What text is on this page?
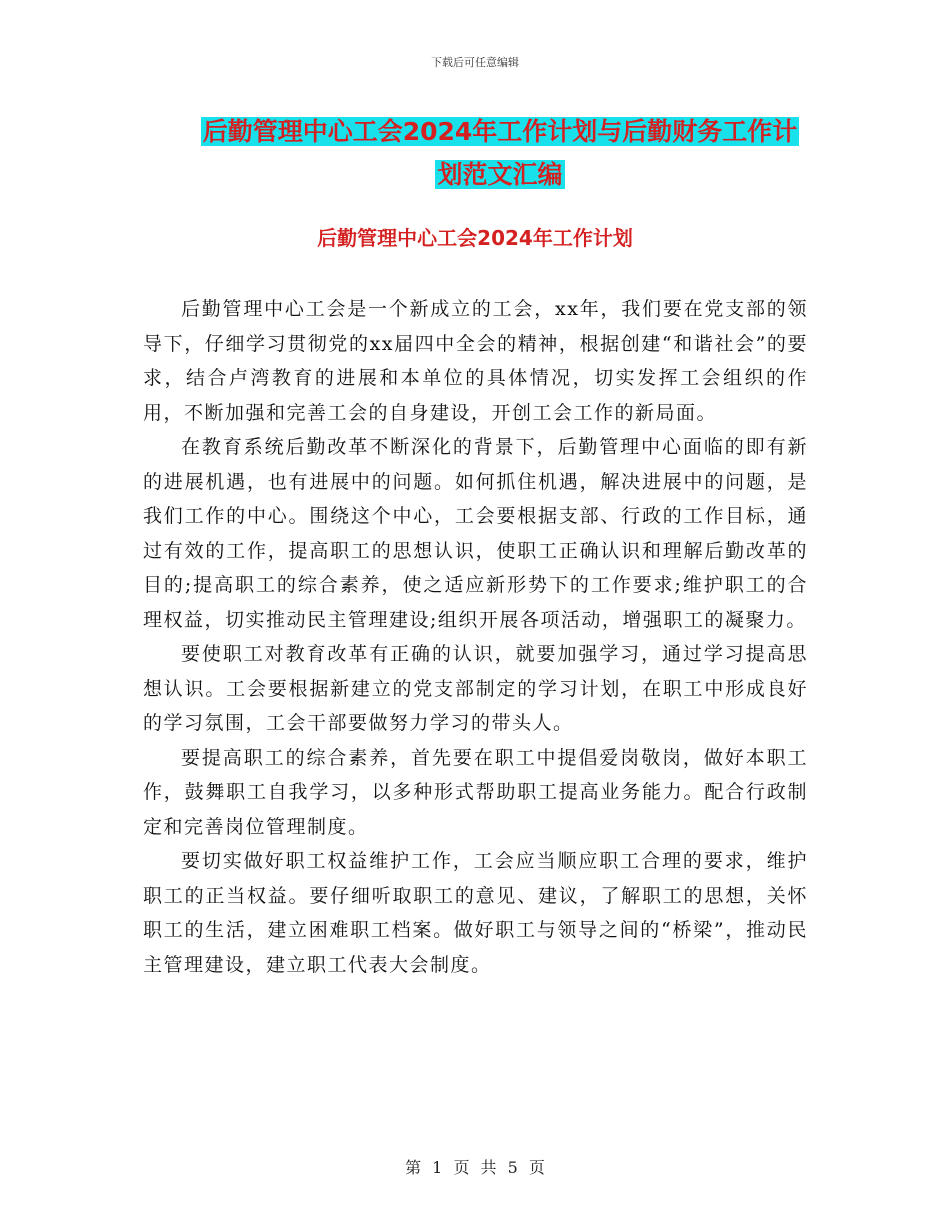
下载后可任意编辑
后勤管理中心工会2024年工作计划与后勤财务工作计
划范文汇编
后勤管理中心工会2024年工作计划

后勤管理中心工会是一个新成立的工会，xx年，我们要在党支部的领导下，仔细学习贯彻党的xx届四中全会的精神，根据创建“和谐社会”的要求，结合卢湾教育的进展和本单位的具体情况，切实发挥工会组织的作用，不断加强和完善工会的自身建设，开创工会工作的新局面。

在教育系统后勤改革不断深化的背景下，后勤管理中心面临的即有新的进展机遇，也有进展中的问题。如何抓住机遇，解决进展中的问题，是我们工作的中心。围绕这个中心，工会要根据支部、行政的工作目标，通过有效的工作，提高职工的思想认识，使职工正确认识和理解后勤改革的目的;提高职工的综合素养，使之适应新形势下的工作要求;维护职工的合理权益，切实推动民主管理建设;组织开展各项活动，增强职工的凝聚力。

要使职工对教育改革有正确的认识，就要加强学习，通过学习提高思想认识。工会要根据新建立的党支部制定的学习计划，在职工中形成良好的学习氛围，工会干部要做努力学习的带头人。

要提高职工的综合素养，首先要在职工中提倡爱岗敬岗，做好本职工作，鼓舞职工自我学习，以多种形式帮助职工提高业务能力。配合行政制定和完善岗位管理制度。

要切实做好职工权益维护工作，工会应当顺应职工合理的要求，维护职工的正当权益。要仔细听取职工的意见、建议，了解职工的思想，关怀职工的生活，建立困难职工档案。做好职工与领导之间的“桥梁”，推动民主管理建设，建立职工代表大会制度。

第 1 页 共 5 页
